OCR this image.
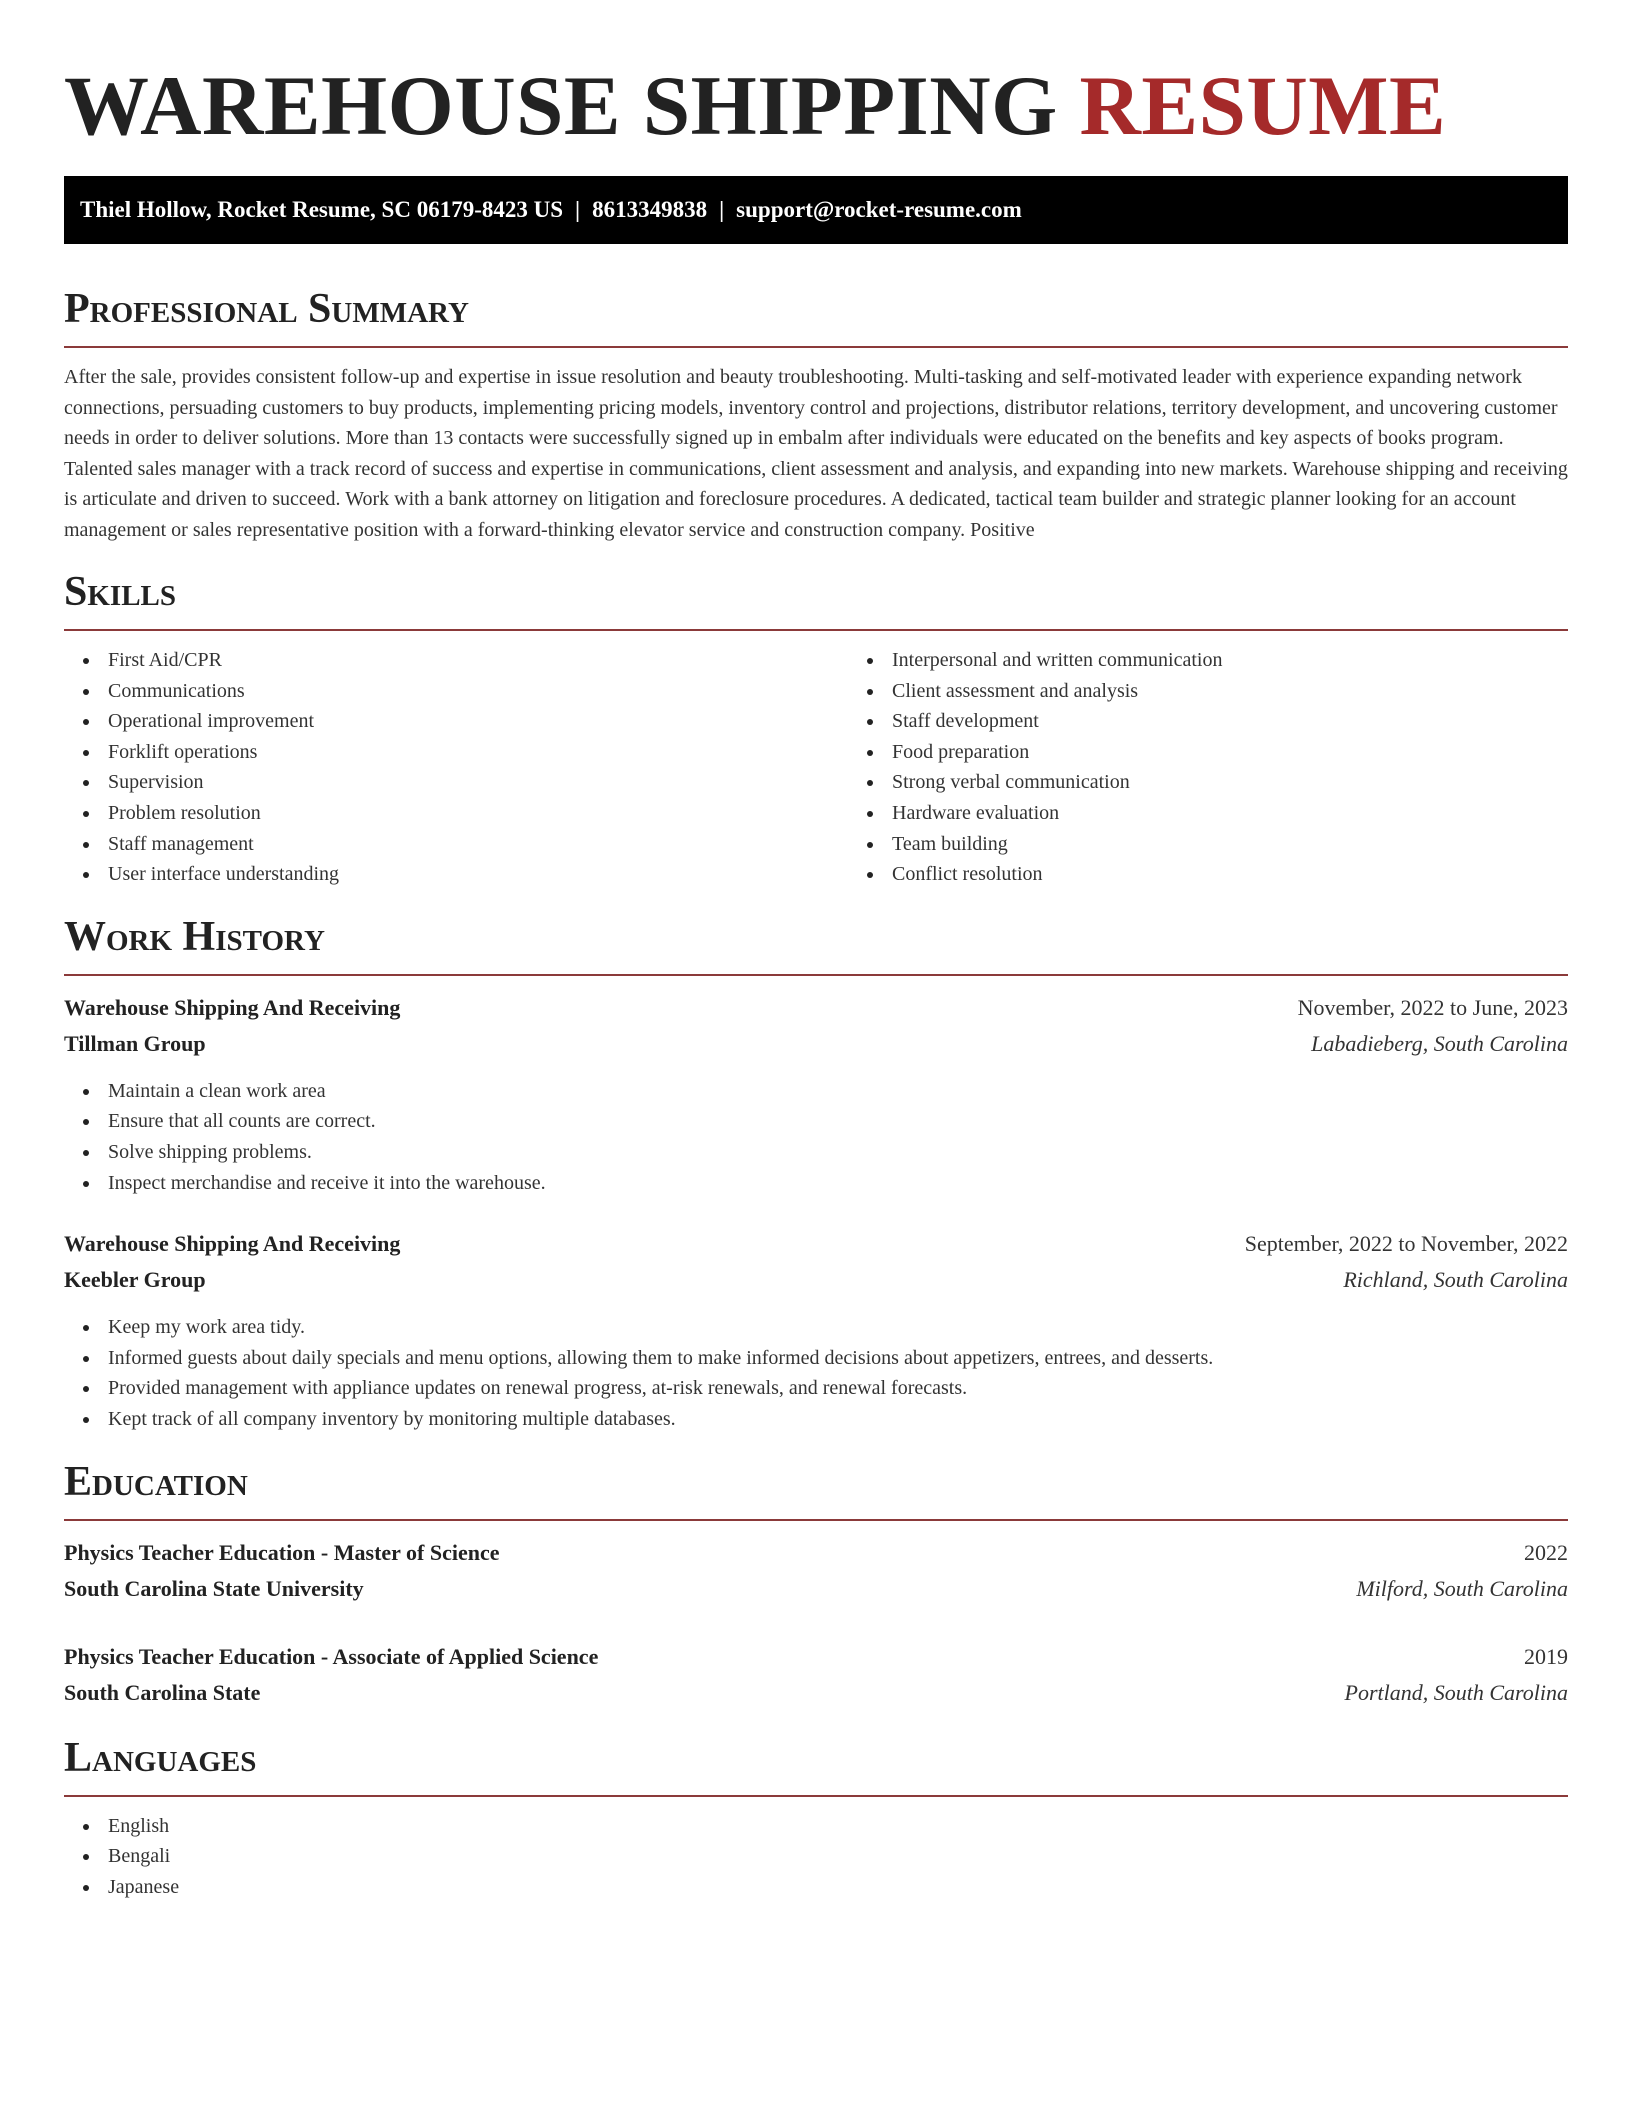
WAREHOUSE SHIPPING RESUME
Thiel Hollow, Rocket Resume, SC 06179-8423 US | 8613349838 | support@rocket-resume.com
Professional Summary

After the sale, provides consistent follow-up and expertise in issue resolution and beauty troubleshooting. Multi-tasking and self-motivated leader with experience expanding network connections, persuading customers to buy products, implementing pricing models, inventory control and projections, distributor relations, territory development, and uncovering customer needs in order to deliver solutions. More than 13 contacts were successfully signed up in embalm after individuals were educated on the benefits and key aspects of books program. Talented sales manager with a track record of success and expertise in communications, client assessment and analysis, and expanding into new markets. Warehouse shipping and receiving is articulate and driven to succeed. Work with a bank attorney on litigation and foreclosure procedures. A dedicated, tactical team builder and strategic planner looking for an account management or sales representative position with a forward-thinking elevator service and construction company. Positive

Skills
First Aid/CPR
Communications
Operational improvement
Forklift operations
Supervision
Problem resolution
Staff management
User interface understanding
Interpersonal and written communication
Client assessment and analysis
Staff development
Food preparation
Strong verbal communication
Hardware evaluation
Team building
Conflict resolution
Work History
Warehouse Shipping And Receiving	November, 2022 to June, 2023
Tillman Group	Labadieberg, South Carolina
Maintain a clean work area
Ensure that all counts are correct.
Solve shipping problems.
Inspect merchandise and receive it into the warehouse.
Warehouse Shipping And Receiving	September, 2022 to November, 2022
Keebler Group	Richland, South Carolina
Keep my work area tidy.
Informed guests about daily specials and menu options, allowing them to make informed decisions about appetizers, entrees, and desserts.
Provided management with appliance updates on renewal progress, at-risk renewals, and renewal forecasts.
Kept track of all company inventory by monitoring multiple databases.
Education
Physics Teacher Education - Master of Science	2022
South Carolina State University	Milford, South Carolina
Physics Teacher Education - Associate of Applied Science	2019
South Carolina State	Portland, South Carolina
Languages
English
Bengali
Japanese
